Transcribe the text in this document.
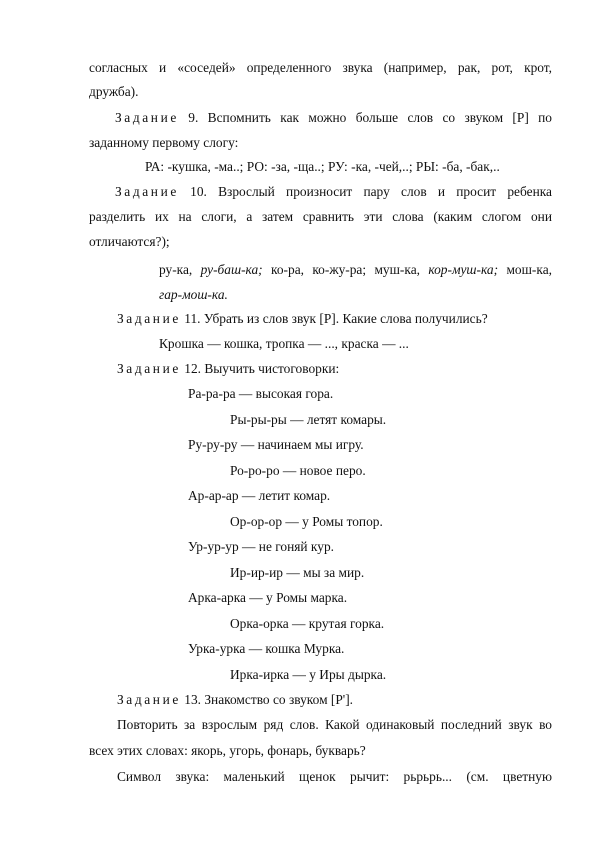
согласных и «соседей» определенного звука (например, рак, рот, крот,
дружба).
Задание 9. Вспомнить как можно больше слов со звуком [Р] по
заданному первому слогу:
РА: -кушка, -ма..; РО: -за, -ща..; РУ: -ка, -чей,..; РЫ: -ба, -бак,..
Задание 10. Взрослый произносит пару слов и просит ребенка
разделить их на слоги, а затем сравнить эти слова (каким слогом они
отличаются?);
ру-ка, ру-баш-ка; ко-ра, ко-жу-ра; муш-ка, кор-муш-ка; мош-ка,
гар-мош-ка.
Задание 11. Убрать из слов звук [Р]. Какие слова получились?
Крошка — кошка, тропка — ..., краска — ...
Задание 12. Выучить чистоговорки:
Ра-ра-ра — высокая гора.
Ры-ры-ры — летят комары.
Ру-ру-ру — начинаем мы игру.
Ро-ро-ро — новое перо.
Ар-ар-ар — летит комар.
Ор-ор-ор — у Ромы топор.
Ур-ур-ур — не гоняй кур.
Ир-ир-ир — мы за мир.
Арка-арка — у Ромы марка.
Орка-орка — крутая горка.
Урка-урка — кошка Мурка.
Ирка-ирка — у Иры дырка.
Задание 13. Знакомство со звуком [Р'].
Повторить за взрослым ряд слов. Какой одинаковый последний звук во
всех этих словах: якорь, угорь, фонарь, букварь?
Символ звука: маленький щенок рычит: рьрьрь... (см. цветную
